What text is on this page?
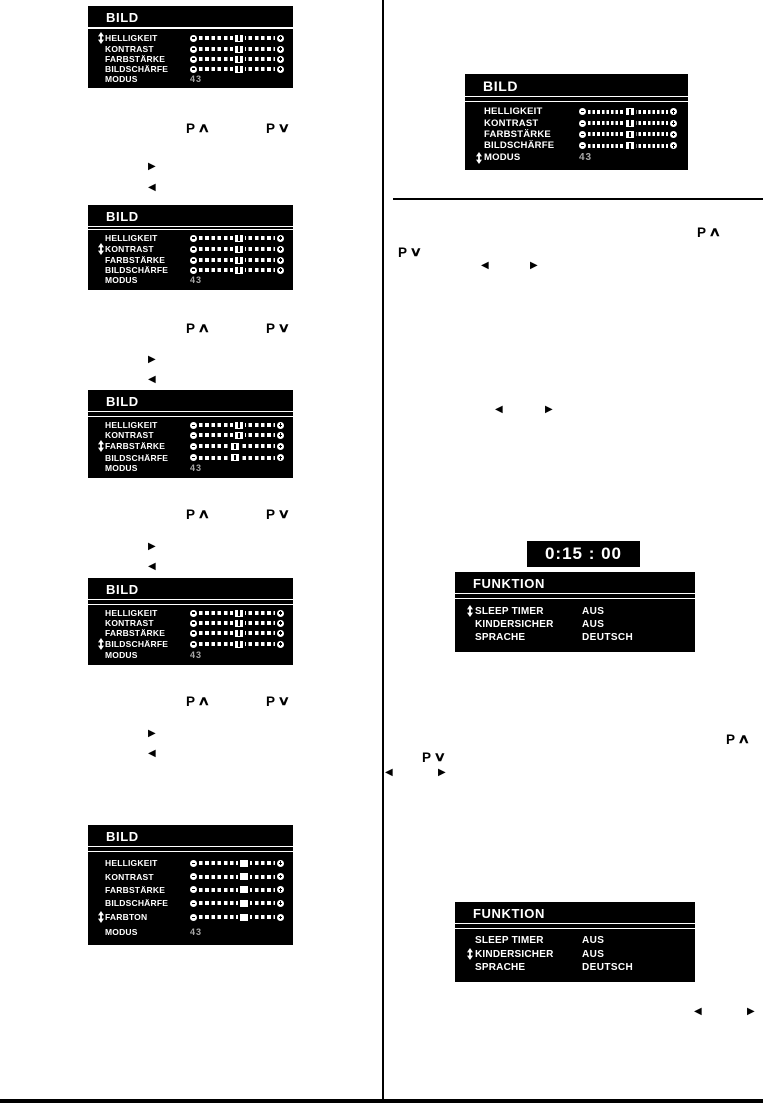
BILD
HELLIGKEIT
KONTRAST
FARBSTÄRKE
BILDSCHÄRFE
MODUS	43
BILD
HELLIGKEIT
KONTRAST
FARBSTÄRKE
BILDSCHÄRFE
MODUS	43
BILD
HELLIGKEIT
KONTRAST
FARBSTÄRKE
BILDSCHÄRFE
MODUS	43
BILD
HELLIGKEIT
KONTRAST
FARBSTÄRKE
BILDSCHÄRFE
MODUS	43
BILD
HELLIGKEIT
KONTRAST
FARBSTÄRKE
BILDSCHÄRFE
FARBTON
MODUS	43
BILD
HELLIGKEIT
KONTRAST
FARBSTÄRKE
BILDSCHÄRFE
MODUS	43
FUNKTION
SLEEP TIMER	AUS
KINDERSICHER	AUS
SPRACHE	DEUTSCH
FUNKTION
SLEEP TIMER	AUS
KINDERSICHER	AUS
SPRACHE	DEUTSCH
0:15 : 00
P ∧	P ∨
▶
◀
P ∧	P ∨
▶
◀
P ∧	P ∨
▶
◀
P ∧	P ∨
▶
◀
P ∧
P ∨
◀	▶
◀	▶
P ∧
P ∨
◀	▶
◀	▶
